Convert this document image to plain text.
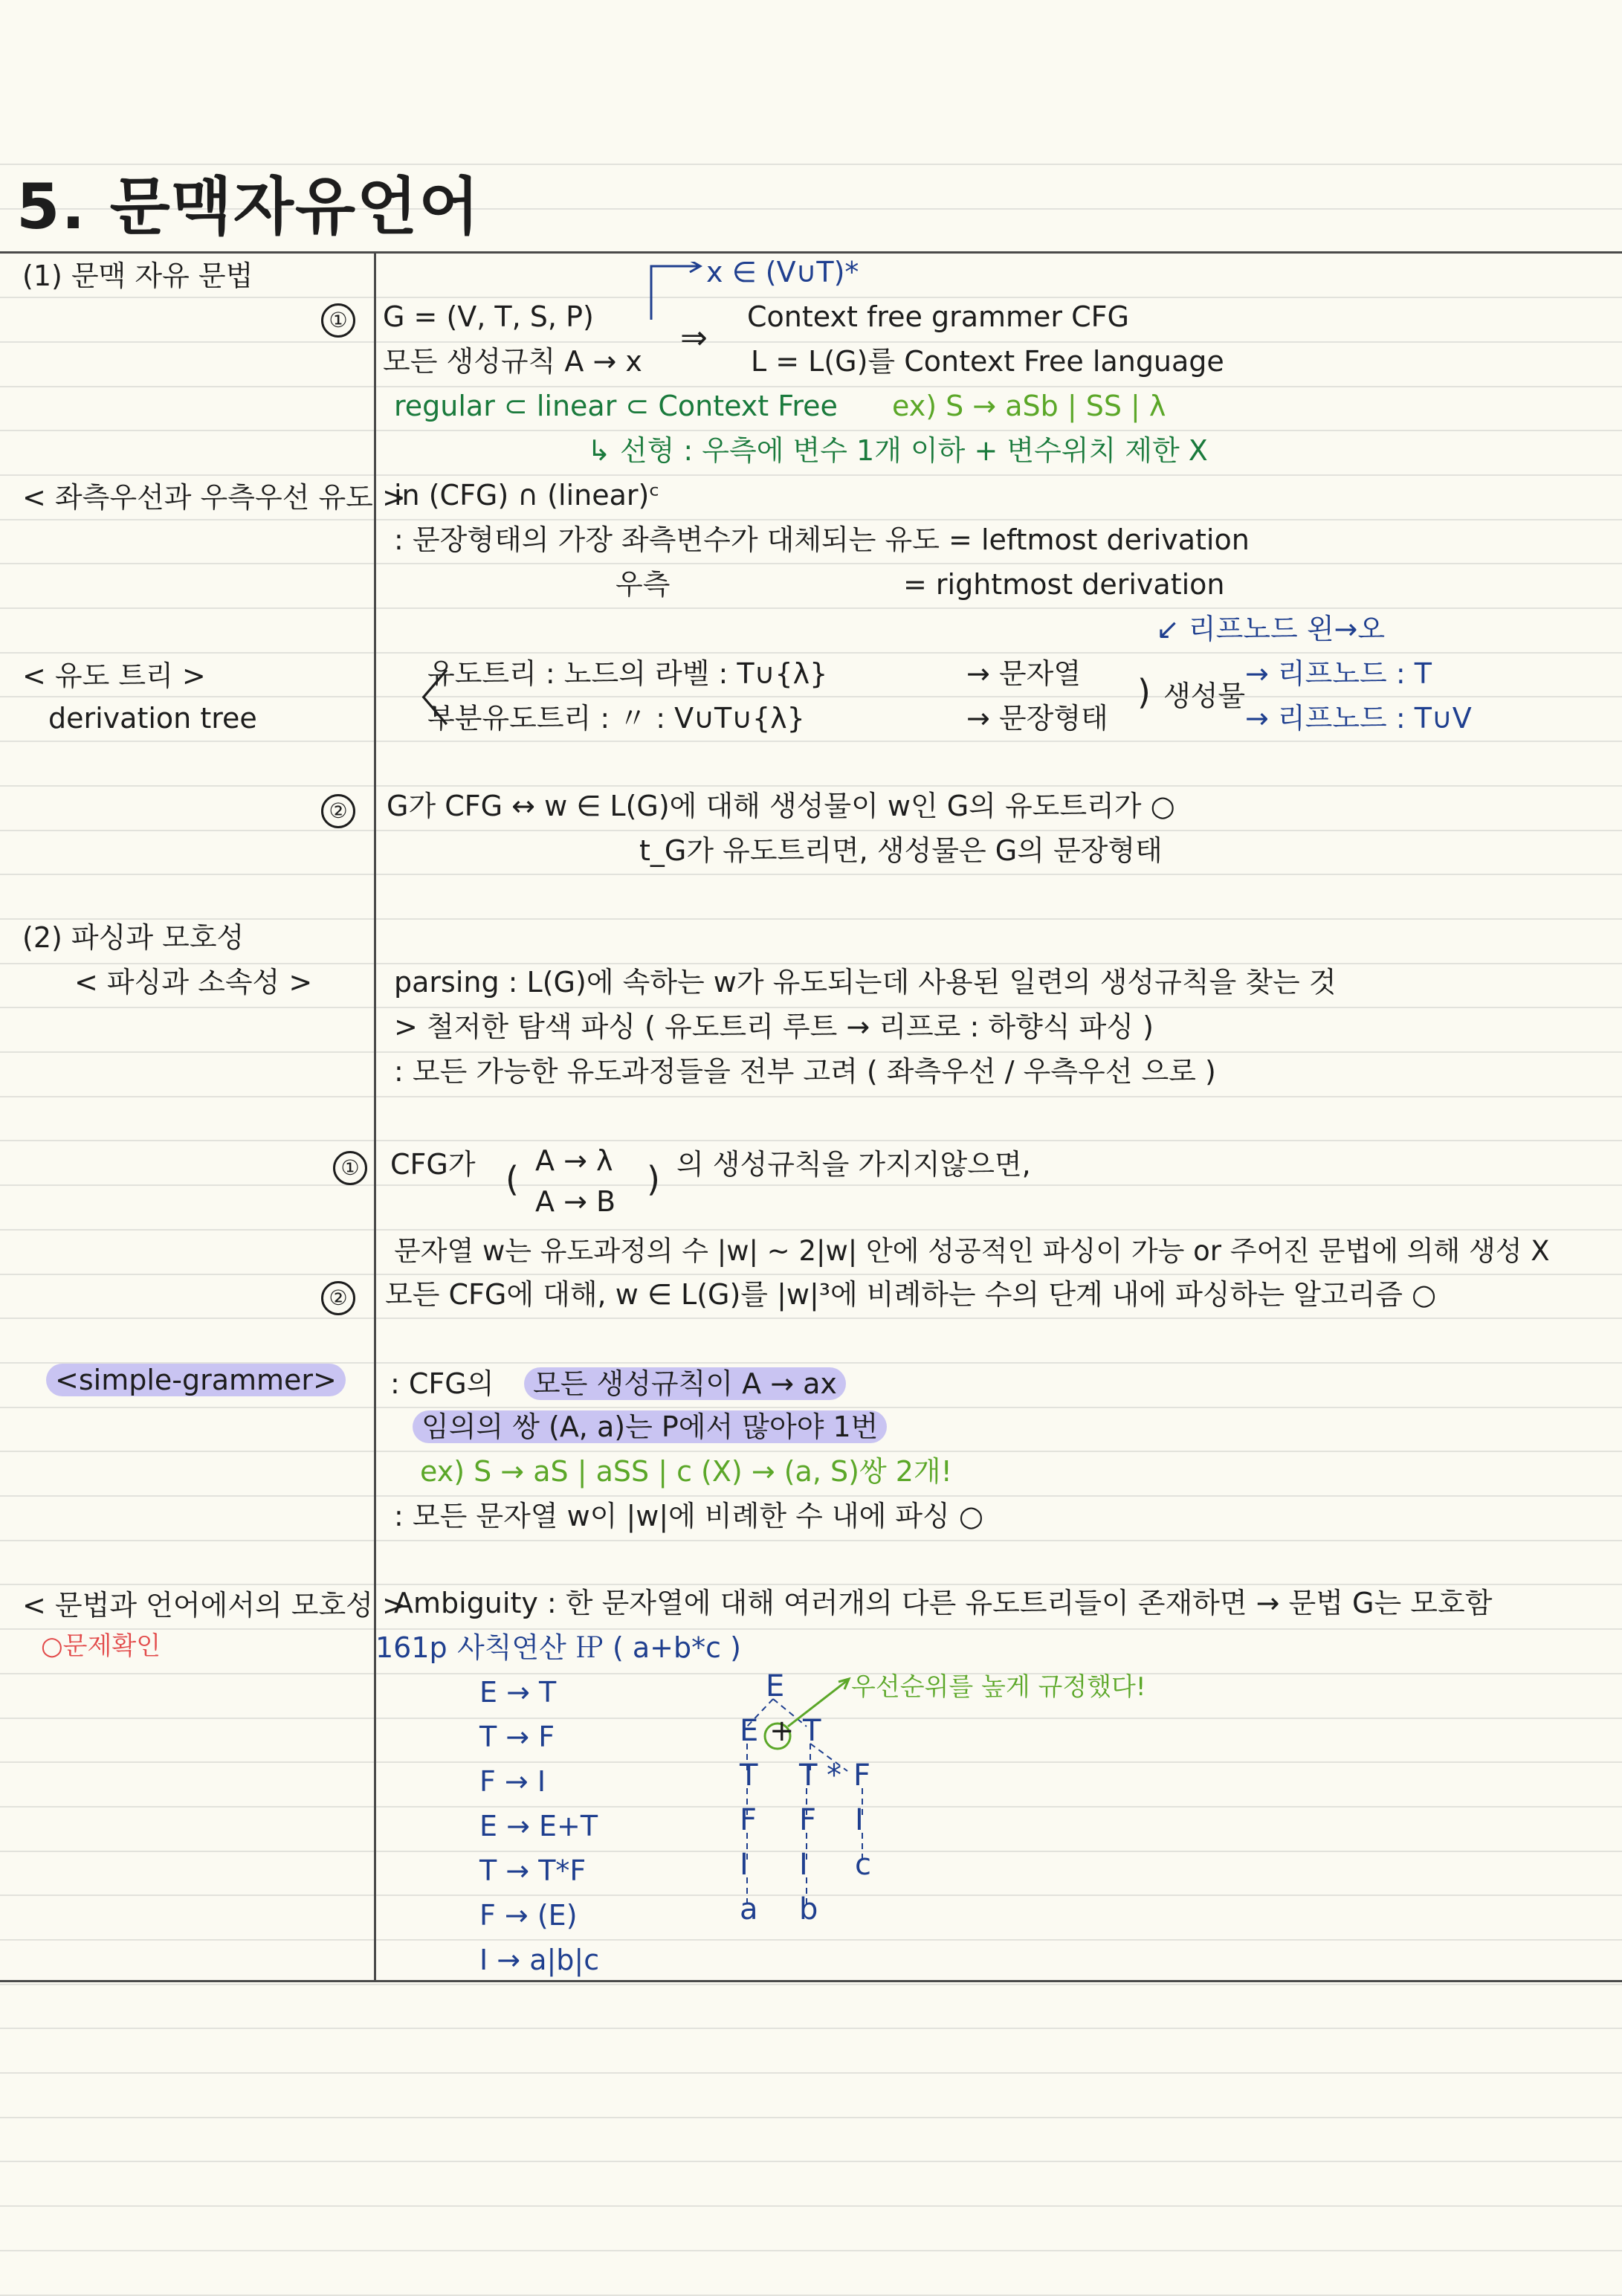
5. 문맥자유언어
(1) 문맥 자유 문법	x ∈ (V∪T)*
① G = (V, T, S, P)
⇒
Context free grammer CFG
모든 생성규칙 A → x	L = L(G)를 Context Free language
regular ⊂ linear ⊂ Context Free ex) S → aSb | SS | λ
↳ 선형 : 우측에 변수 1개 이하 + 변수위치 제한 X
< 좌측우선과 우측우선 유도 >
in (CFG) ∩ (linear)ᶜ
: 문장형태의 가장 좌측변수가 대체되는 유도 = leftmost derivation
우측	= rightmost derivation
↙ 리프노드 왼→오
< 유도 트리 >
derivation tree 〈
유도트리 : 노드의 라벨 : T∪{λ}	→ 문자열
부분유도트리 : 〃 : V∪T∪{λ}	→ 문장형태
) 생성물
→ 리프노드 : T
→ 리프노드 : T∪V
② G가 CFG ↔ w ∈ L(G)에 대해 생성물이 w인 G의 유도트리가 ○
t_G가 유도트리면, 생성물은 G의 문장형태
(2) 파싱과 모호성
< 파싱과 소속성 >	parsing : L(G)에 속하는 w가 유도되는데 사용된 일련의 생성규칙을 찾는 것
> 철저한 탐색 파싱 ( 유도트리 루트 → 리프로 : 하향식 파싱 )
: 모든 가능한 유도과정들을 전부 고려 ( 좌측우선 / 우측우선 으로 )
① CFG가 ( A → λ
A → B
) 의 생성규칙을 가지지않으면,
문자열 w는 유도과정의 수 |w| ~ 2|w| 안에 성공적인 파싱이 가능 or 주어진 문법에 의해 생성 X
② 모든 CFG에 대해, w ∈ L(G)를 |w|³에 비례하는 수의 단계 내에 파싱하는 알고리즘 ○
<simple-grammer>	: CFG의	모든 생성규칙이 A → ax
임의의 쌍 (A, a)는 P에서 많아야 1번
ex) S → aS | aSS | c (X) → (a, S)쌍 2개!
: 모든 문자열 w이 |w|에 비례한 수 내에 파싱 ○
< 문법과 언어에서의 모호성 >
○문제확인
Ambiguity : 한 문자열에 대해 여러개의 다른 유도트리들이 존재하면 → 문법 G는 모호함
161p 사칙연산 ㏋ ( a+b*c )
E → T
T → F
F → I
E → E+T
T → T*F
F → (E)
I → a|b|c
E
E + T
T T * F
F F I
I I c
a b
우선순위를 높게 규정했다!
